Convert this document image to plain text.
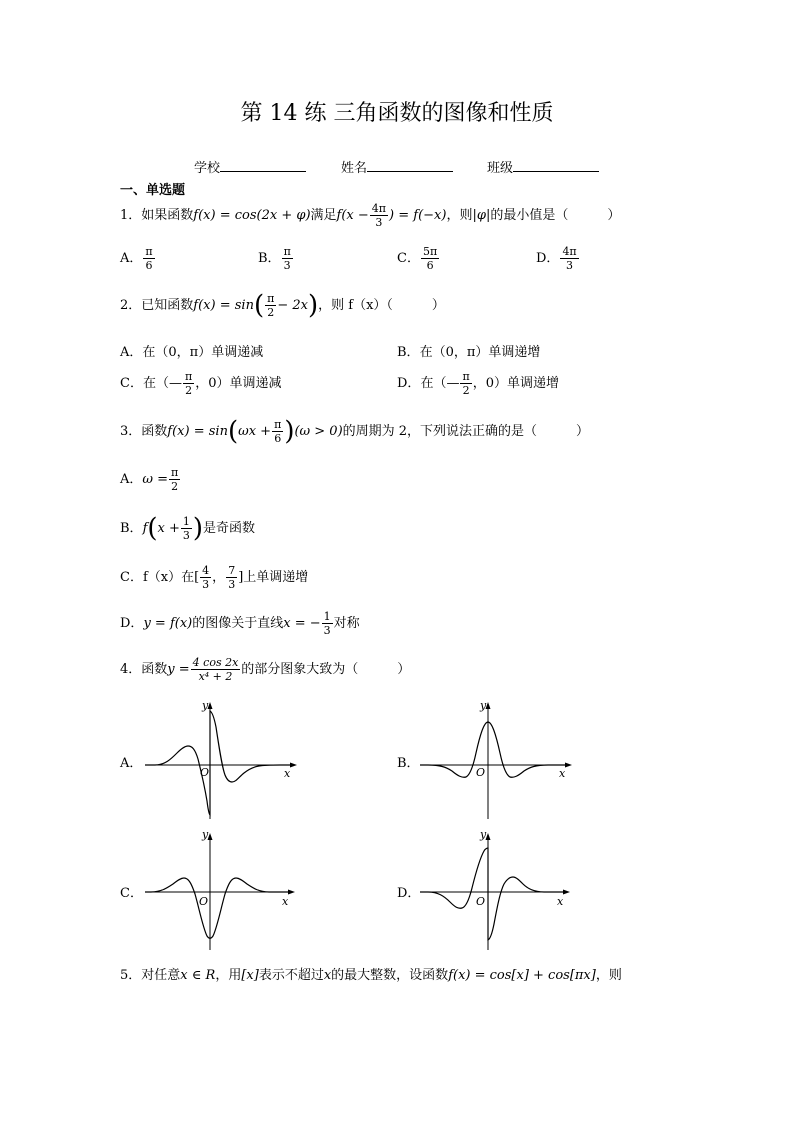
第 14 练 三角函数的图像和性质
学校	姓名	班级
一、单选题
1．如果函数f(x) = cos(2x + φ)满足$f(x - \frac{4\pi}{3}$ ) = f(−x)，则|φ|的最小值是（　　　）
A． $\frac{\pi}{6}$	B． $\frac{\pi}{3}$	C． $\frac{5\pi}{6}$	D． $\frac{4\pi}{3}$
2．已知函数$f(x) = \sin( \frac{\pi}{2} - 2x)$，则 f（x）（　　　）
A．在（0，π）单调递减	B．在（0，π）单调递增
C．在（— $\frac{\pi}{2}$ ，0）单调递减	D．在（— $\frac{\pi}{2}$ ，0）单调递增
3．函数$f(x) = \sin(\omega x + \frac{\pi}{6} )(\omega > 0)$的周期为 2，下列说法正确的是（　　　）
A．$\omega = \frac{\pi}{2}$
B．$f(x + \frac{1}{3}$ )是奇函数
C．f（x）在[ $\frac{4}{3}$ ， $\frac{7}{3}$ ]上单调递增
D．y = f(x)的图像关于直线x = − $\frac{1}{3}$ 对称
4．函数$y = \frac{4 \cos 2x}{\text{x⁴ + 2}}$ 的部分图象大致为（　　　）
A．	B．
C．	D．
O	x
y
O	x
y
O	x
y
O	x
y
5．对任意x ∈ R，用[x]表示不超过x的最大整数，设函数f(x) = cos[x] + cos[πx]，则
